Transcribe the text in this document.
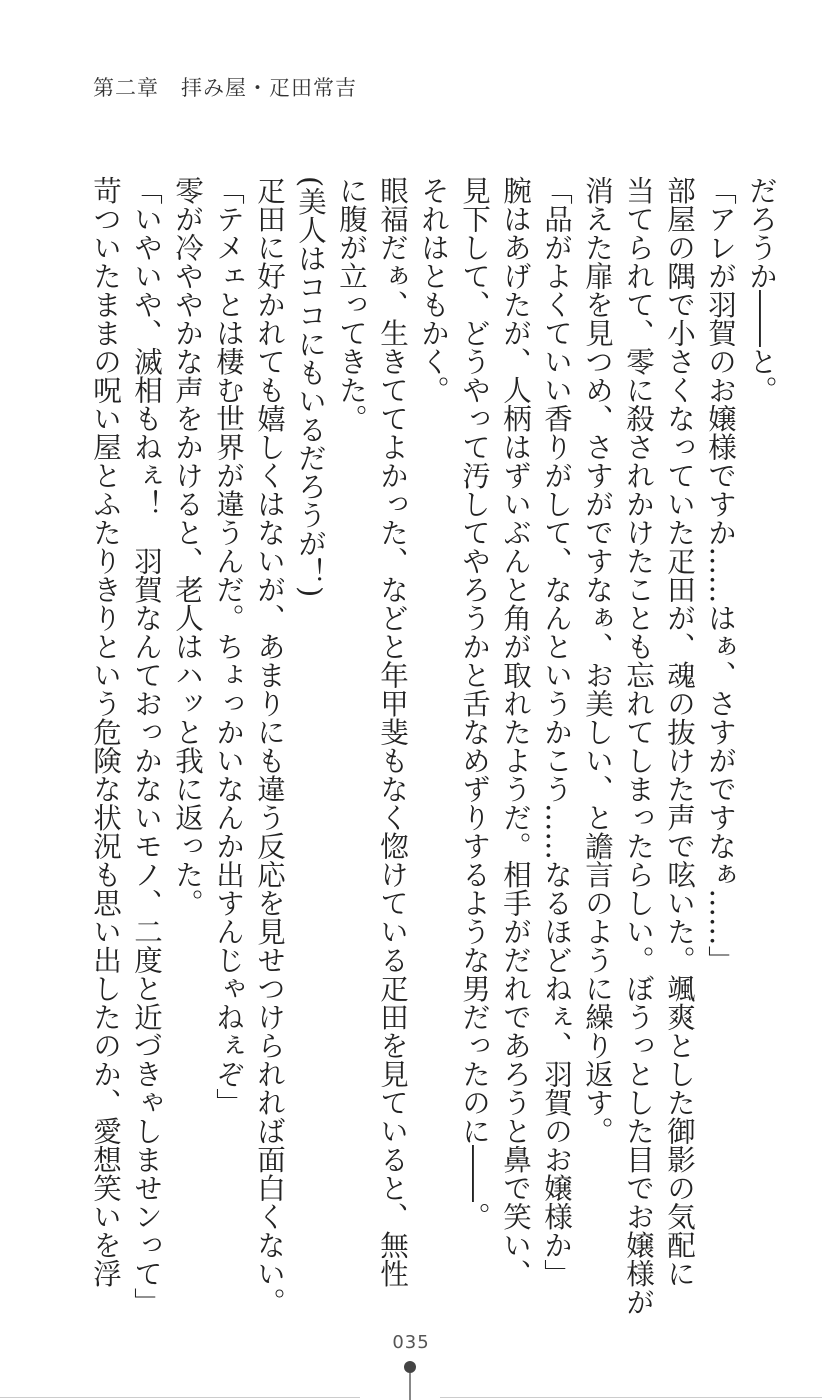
第二章　拝み屋・疋田常吉
だろうか――と。
「アレが羽賀のお嬢様ですか……はぁ、さすがですなぁ……」
部屋の隅で小さくなっていた疋田が、魂の抜けた声で呟いた。颯爽とした御影の気配に
当てられて、零に殺されかけたことも忘れてしまったらしい。ぼうっとした目でお嬢様が
消えた扉を見つめ、さすがですなぁ、お美しい、と譫言のように繰り返す。
「品がよくていい香りがして、なんというかこう……なるほどねぇ、羽賀のお嬢様か」
腕はあげたが、人柄はずいぶんと角が取れたようだ。相手がだれであろうと鼻で笑い、
見下して、どうやって汚してやろうかと舌なめずりするような男だったのに――。
それはともかく。
眼福だぁ、生きててよかった、などと年甲斐もなく惚けている疋田を見ていると、無性
に腹が立ってきた。
(美人はココにもいるだろうが！)
疋田に好かれても嬉しくはないが、あまりにも違う反応を見せつけられれば面白くない。
「テメェとは棲む世界が違うんだ。ちょっかいなんか出すんじゃねぇぞ」
零が冷ややかな声をかけると、老人はハッと我に返った。
「いやいや、滅相もねぇ！　羽賀なんておっかないモノ、二度と近づきゃしませンって」
苛ついたままの呪い屋とふたりきりという危険な状況も思い出したのか、愛想笑いを浮
035
